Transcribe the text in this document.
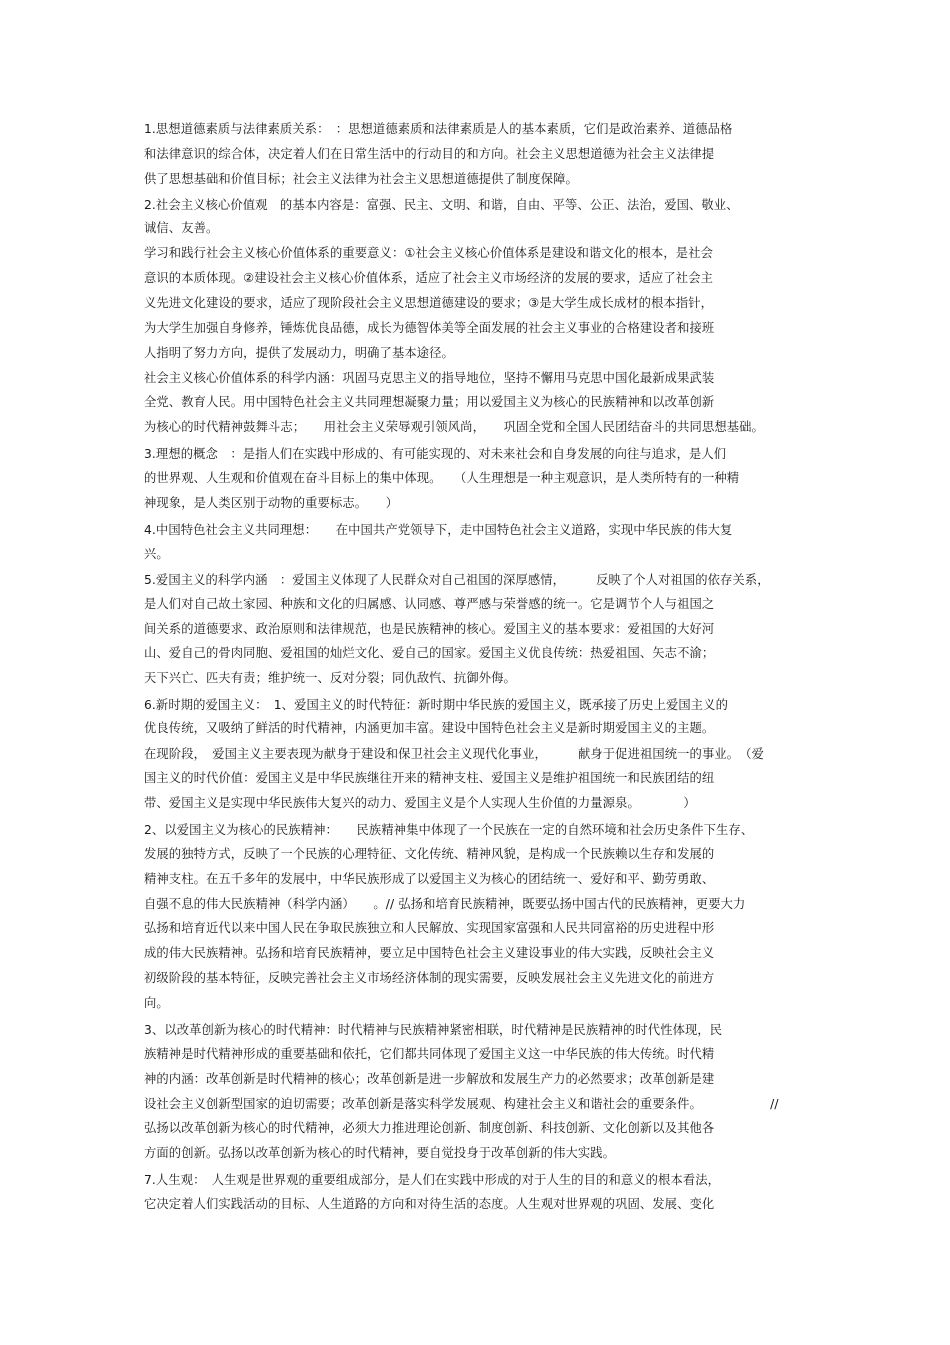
1.思想道德素质与法律素质关系：　：思想道德素质和法律素质是人的基本素质，它们是政治素养、道德品格
和法律意识的综合体，决定着人们在日常生活中的行动目的和方向。社会主义思想道德为社会主义法律提
供了思想基础和价值目标；社会主义法律为社会主义思想道德提供了制度保障。
2.社会主义核心价值观　的基本内容是：富强、民主、文明、和谐，自由、平等、公正、法治，爱国、敬业、
诚信、友善。
学习和践行社会主义核心价值体系的重要意义：①社会主义核心价值体系是建设和谐文化的根本，是社会
意识的本质体现。②建设社会主义核心价值体系，适应了社会主义市场经济的发展的要求，适应了社会主
义先进文化建设的要求，适应了现阶段社会主义思想道德建设的要求；③是大学生成长成材的根本指针，
为大学生加强自身修养，锤炼优良品德，成长为德智体美等全面发展的社会主义事业的合格建设者和接班
人指明了努力方向，提供了发展动力，明确了基本途径。
社会主义核心价值体系的科学内涵：巩固马克思主义的指导地位，坚持不懈用马克思中国化最新成果武装
全党、教育人民。用中国特色社会主义共同理想凝聚力量；用以爱国主义为核心的民族精神和以改革创新
为核心的时代精神鼓舞斗志；　　用社会主义荣辱观引领风尚，　　巩固全党和全国人民团结奋斗的共同思想基础。
3.理想的概念　：是指人们在实践中形成的、有可能实现的、对未来社会和自身发展的向往与追求，是人们
的世界观、人生观和价值观在奋斗目标上的集中体现。　　（人生理想是一种主观意识，是人类所特有的一种精
神现象，是人类区别于动物的重要标志。　　）
4.中国特色社会主义共同理想：　　在中国共产党领导下，走中国特色社会主义道路，实现中华民族的伟大复
兴。
5.爱国主义的科学内涵　：爱国主义体现了人民群众对自己祖国的深厚感情，　　　反映了个人对祖国的依存关系，
是人们对自己故土家园、种族和文化的归属感、认同感、尊严感与荣誉感的统一。它是调节个人与祖国之
间关系的道德要求、政治原则和法律规范，也是民族精神的核心。爱国主义的基本要求：爱祖国的大好河
山、爱自己的骨肉同胞、爱祖国的灿烂文化、爱自己的国家。爱国主义优良传统：热爱祖国、矢志不渝；
天下兴亡、匹夫有责；维护统一、反对分裂；同仇敌忾、抗御外侮。
6.新时期的爱国主义：　1、爱国主义的时代特征：新时期中华民族的爱国主义，既承接了历史上爱国主义的
优良传统，又吸纳了鲜活的时代精神，内涵更加丰富。建设中国特色社会主义是新时期爱国主义的主题。
在现阶段，　爱国主义主要表现为献身于建设和保卫社会主义现代化事业，　　　献身于促进祖国统一的事业。　（爱
国主义的时代价值：爱国主义是中华民族继往开来的精神支柱、爱国主义是维护祖国统一和民族团结的纽
带、爱国主义是实现中华民族伟大复兴的动力、爱国主义是个人实现人生价值的力量源泉。　　　　）
2、以爱国主义为核心的民族精神：　　民族精神集中体现了一个民族在一定的自然环境和社会历史条件下生存、
发展的独特方式，反映了一个民族的心理特征、文化传统、精神风貌，是构成一个民族赖以生存和发展的
精神支柱。在五千多年的发展中，中华民族形成了以爱国主义为核心的团结统一、爱好和平、勤劳勇敢、
自强不息的伟大民族精神（科学内涵）　　。// 弘扬和培育民族精神，既要弘扬中国古代的民族精神，更要大力
弘扬和培育近代以来中国人民在争取民族独立和人民解放、实现国家富强和人民共同富裕的历史进程中形
成的伟大民族精神。弘扬和培育民族精神，要立足中国特色社会主义建设事业的伟大实践，反映社会主义
初级阶段的基本特征，反映完善社会主义市场经济体制的现实需要，反映发展社会主义先进文化的前进方
向。
3、以改革创新为核心的时代精神：时代精神与民族精神紧密相联，时代精神是民族精神的时代性体现，民
族精神是时代精神形成的重要基础和依托，它们都共同体现了爱国主义这一中华民族的伟大传统。时代精
神的内涵：改革创新是时代精神的核心；改革创新是进一步解放和发展生产力的必然要求；改革创新是建
设社会主义创新型国家的迫切需要；改革创新是落实科学发展观、构建社会主义和谐社会的重要条件。　　　　　　//
弘扬以改革创新为核心的时代精神，必须大力推进理论创新、制度创新、科技创新、文化创新以及其他各
方面的创新。弘扬以改革创新为核心的时代精神，要自觉投身于改革创新的伟大实践。
7.人生观：　人生观是世界观的重要组成部分，是人们在实践中形成的对于人生的目的和意义的根本看法，
它决定着人们实践活动的目标、人生道路的方向和对待生活的态度。人生观对世界观的巩固、发展、变化
